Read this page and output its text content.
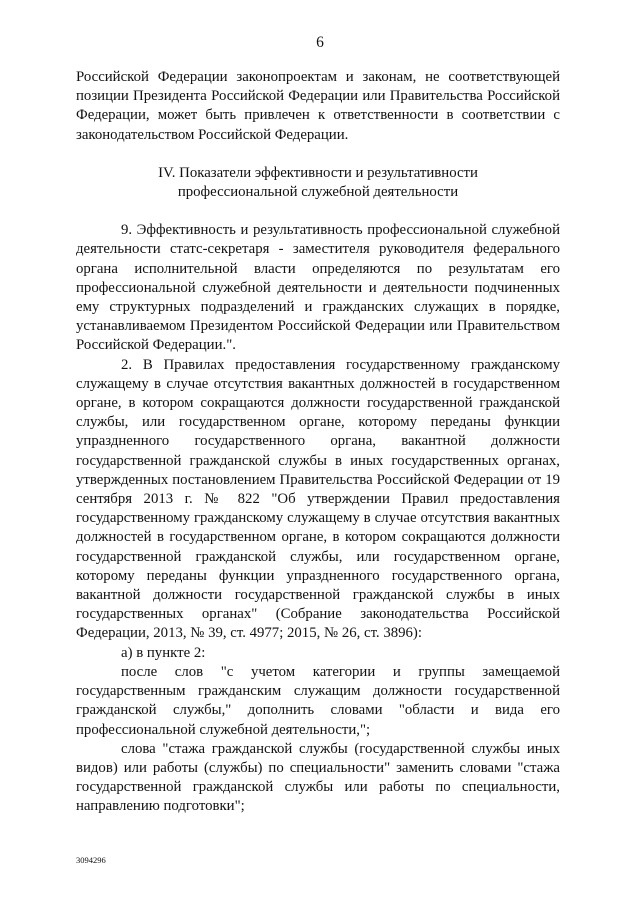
6

Российской Федерации законопроектам и законам, не соответствующей позиции Президента Российской Федерации или Правительства Российской Федерации, может быть привлечен к ответственности в соответствии с законодательством Российской Федерации.

IV. Показатели эффективности и результативности
профессиональной служебной деятельности

9. Эффективность и результативность профессиональной служебной деятельности статс-секретаря - заместителя руководителя федерального органа исполнительной власти определяются по результатам его профессиональной служебной деятельности и деятельности подчиненных ему структурных подразделений и гражданских служащих в порядке, устанавливаемом Президентом Российской Федерации или Правительством Российской Федерации.".

2. В Правилах предоставления государственному гражданскому служащему в случае отсутствия вакантных должностей в государственном органе, в котором сокращаются должности государственной гражданской службы, или государственном органе, которому переданы функции упраздненного государственного органа, вакантной должности государственной гражданской службы в иных государственных органах, утвержденных постановлением Правительства Российской Федерации от 19 сентября 2013 г. № 822 "Об утверждении Правил предоставления государственному гражданскому служащему в случае отсутствия вакантных должностей в государственном органе, в котором сокращаются должности государственной гражданской службы, или государственном органе, которому переданы функции упраздненного государственного органа, вакантной должности государственной гражданской службы в иных государственных органах" (Собрание законодательства Российской Федерации, 2013, № 39, ст. 4977; 2015, № 26, ст. 3896):

а) в пункте 2:

после слов "с учетом категории и группы замещаемой государственным гражданским служащим должности государственной гражданской службы," дополнить словами "области и вида его профессиональной служебной деятельности,";

слова "стажа гражданской службы (государственной службы иных видов) или работы (службы) по специальности" заменить словами "стажа государственной гражданской службы или работы по специальности, направлению подготовки";

3094296
